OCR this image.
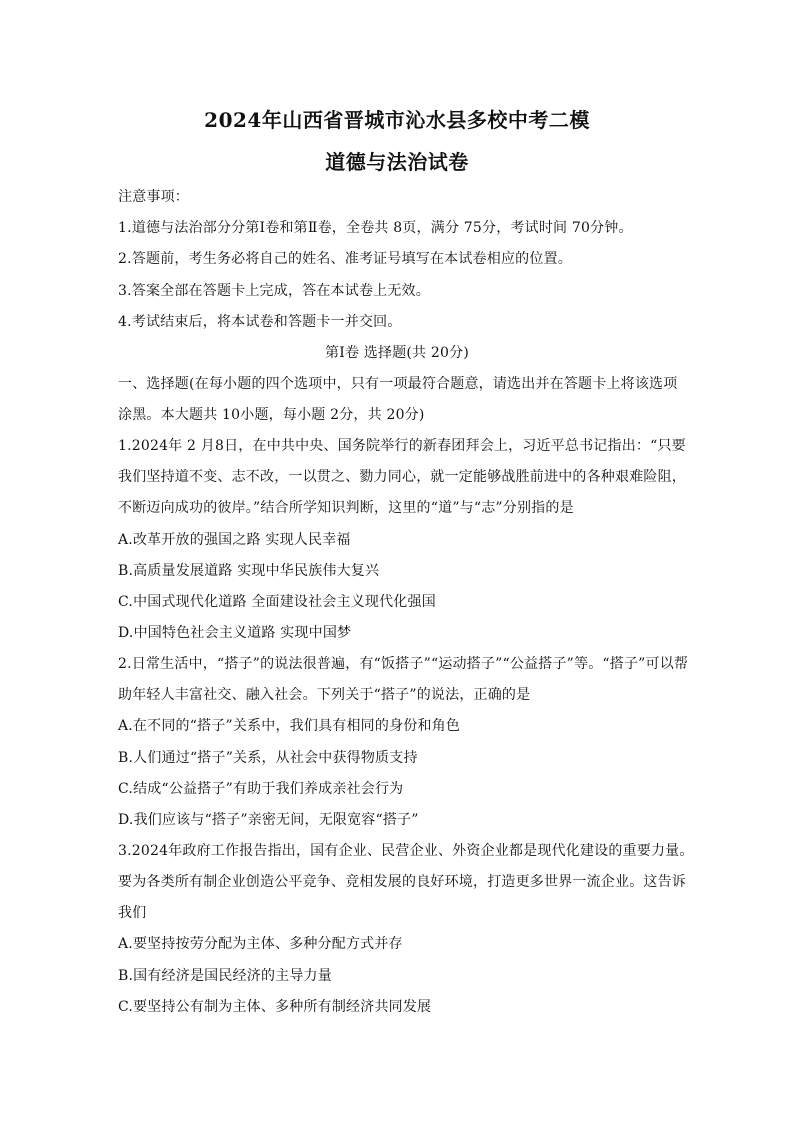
2024年山西省晋城市沁水县多校中考二模
道德与法治试卷
注意事项：
1.道德与法治部分分第Ⅰ卷和第Ⅱ卷，全卷共 8页，满分 75分，考试时间 70分钟。
2.答题前，考生务必将自己的姓名、准考证号填写在本试卷相应的位置。
3.答案全部在答题卡上完成，答在本试卷上无效。
4.考试结束后，将本试卷和答题卡一并交回。
第Ⅰ卷 选择题(共 20分)
一、选择题(在每小题的四个选项中，只有一项最符合题意，请选出并在答题卡上将该选项
涂黑。本大题共 10小题，每小题 2分，共 20分)
1.2024年 2 月8日，在中共中央、国务院举行的新春团拜会上，习近平总书记指出：“只要
我们坚持道不变、志不改，一以贯之、勠力同心，就一定能够战胜前进中的各种艰难险阻，
不断迈向成功的彼岸。”结合所学知识判断，这里的“道”与“志”分别指的是
A.改革开放的强国之路 实现人民幸福
B.高质量发展道路 实现中华民族伟大复兴
C.中国式现代化道路 全面建设社会主义现代化强国
D.中国特色社会主义道路 实现中国梦
2.日常生活中，“搭子”的说法很普遍，有“饭搭子”“运动搭子”“公益搭子”等。“搭子”可以帮
助年轻人丰富社交、融入社会。下列关于“搭子”的说法，正确的是
A.在不同的“搭子”关系中，我们具有相同的身份和角色
B.人们通过“搭子”关系，从社会中获得物质支持
C.结成“公益搭子”有助于我们养成亲社会行为
D.我们应该与“搭子”亲密无间，无限宽容“搭子”
3.2024年政府工作报告指出，国有企业、民营企业、外资企业都是现代化建设的重要力量。
要为各类所有制企业创造公平竞争、竞相发展的良好环境，打造更多世界一流企业。这告诉
我们
A.要坚持按劳分配为主体、多种分配方式并存
B.国有经济是国民经济的主导力量
C.要坚持公有制为主体、多种所有制经济共同发展
